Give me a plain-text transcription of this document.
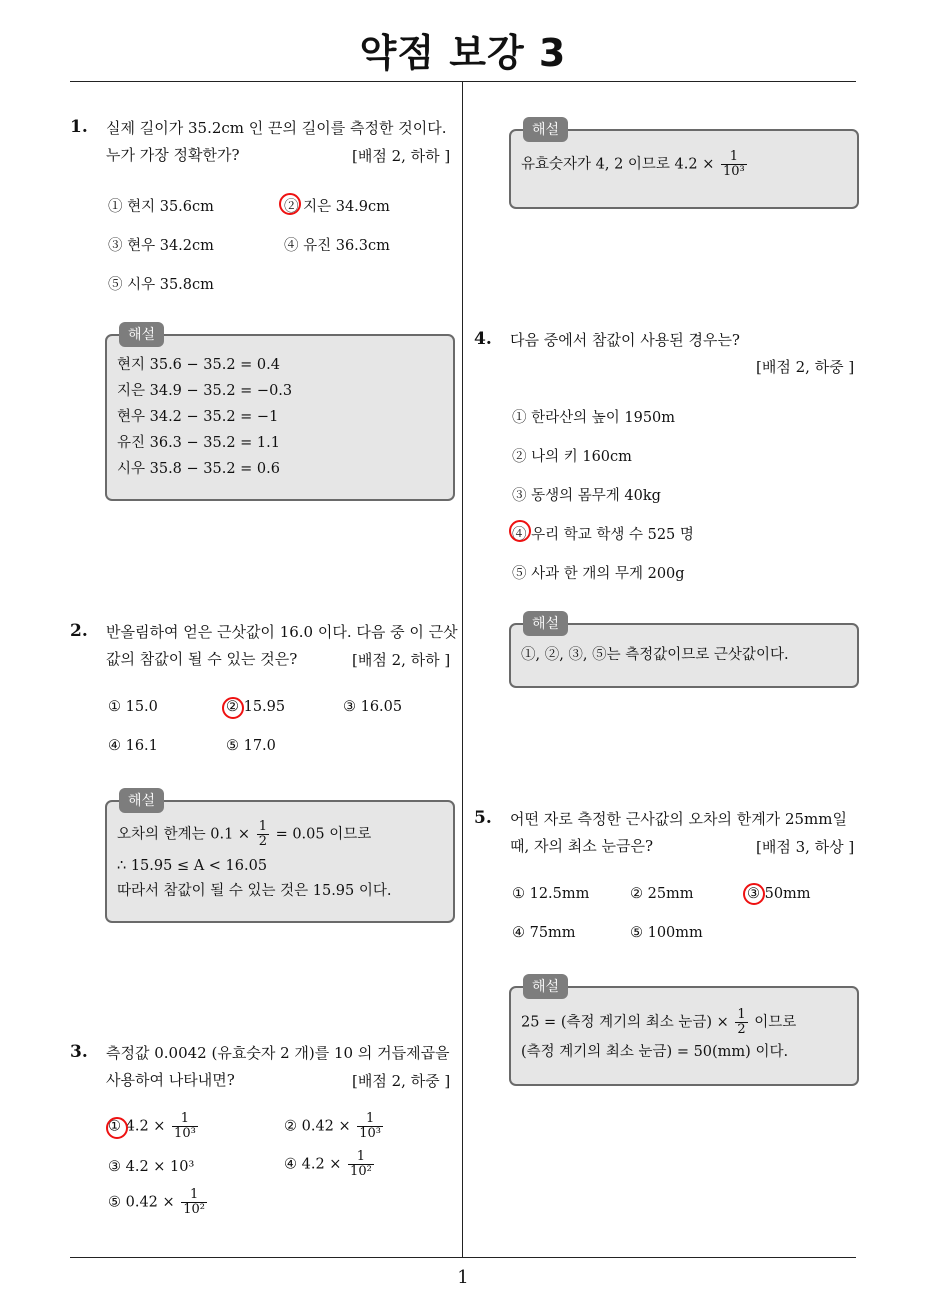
약점 보강 3
1. 실제 길이가 35.2cm 인 끈의 길이를 측정한 것이다.
누가 가장 정확한가?	[배점 2, 하하 ]
① 현지 35.6cm	② 지은 34.9cm
③ 현우 34.2cm	④ 유진 36.3cm
⑤ 시우 35.8cm
해설
현지 35.6 − 35.2 = 0.4
지은 34.9 − 35.2 = −0.3
현우 34.2 − 35.2 = −1
유진 36.3 − 35.2 = 1.1
시우 35.8 − 35.2 = 0.6
2. 반올림하여 얻은 근삿값이 16.0 이다. 다음 중 이 근삿
값의 참값이 될 수 있는 것은?	[배점 2, 하하 ]
① 15.0	② 15.95	③ 16.05
④ 16.1	⑤ 17.0
해설
오차의 한계는 $0.1 \times \frac{1}{2} = 0.05$ 이므로
∴ 15.95 ≤ A < 16.05
따라서 참값이 될 수 있는 것은 15.95 이다.
3. 측정값 0.0042 (유효숫자 2 개)를 10 의 거듭제곱을
사용하여 나타내면?	[배점 2, 하중 ]
① $4.2 \times \frac{1}{\text{10³}}$	② $0.42 \times \frac{1}{\text{10³}}$
③ 4.2 × 10³	④ $4.2 \times \frac{1}{\text{10²}}$
⑤ $0.42 \times \frac{1}{\text{10²}}$
해설
유효숫자가 4, 2 이므로 $4.2 \times \frac{1}{\text{10³}}$
4. 다음 중에서 참값이 사용된 경우는?
[배점 2, 하중 ]
① 한라산의 높이 1950m
② 나의 키 160cm
③ 동생의 몸무게 40kg
④ 우리 학교 학생 수 525 명
⑤ 사과 한 개의 무게 200g
해설
①, ②, ③, ⑤는 측정값이므로 근삿값이다.
5. 어떤 자로 측정한 근사값의 오차의 한계가 25mm일
때, 자의 최소 눈금은?	[배점 3, 하상 ]
① 12.5mm	② 25mm	③ 50mm
④ 75mm	⑤ 100mm
해설
25 = (측정 계기의 최소 눈금) × $\frac{1}{2}$ 이므로
(측정 계기의 최소 눈금) = 50(mm) 이다.
1
